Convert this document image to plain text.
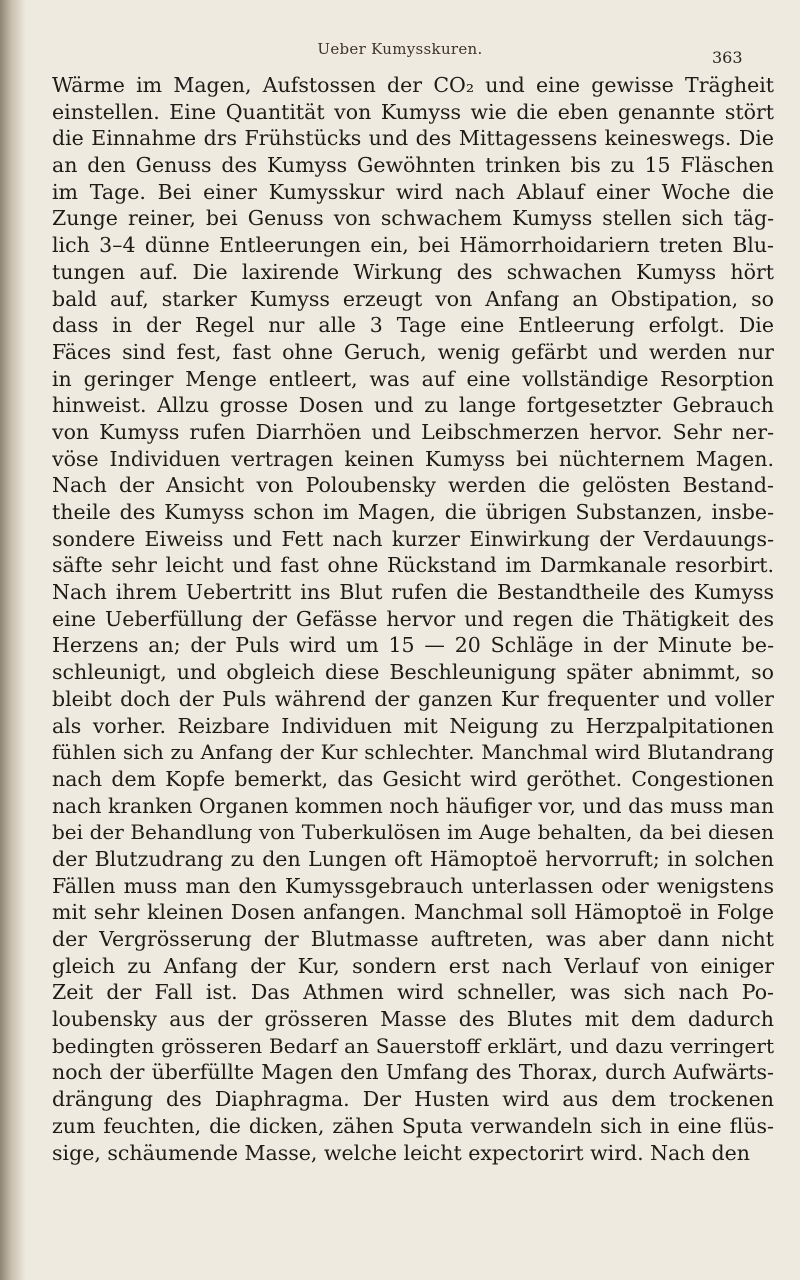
Ueber Kumysskuren.	363
Wärme im Magen, Aufstossen der CO₂ und eine gewisse Trägheit
einstellen. Eine Quantität von Kumyss wie die eben genannte stört
die Einnahme drs Frühstücks und des Mittagessens keineswegs. Die
an den Genuss des Kumyss Gewöhnten trinken bis zu 15 Fläschen
im Tage. Bei einer Kumysskur wird nach Ablauf einer Woche die
Zunge reiner, bei Genuss von schwachem Kumyss stellen sich täg-
lich 3–4 dünne Entleerungen ein, bei Hämorrhoidariern treten Blu-
tungen auf. Die laxirende Wirkung des schwachen Kumyss hört
bald auf, starker Kumyss erzeugt von Anfang an Obstipation, so
dass in der Regel nur alle 3 Tage eine Entleerung erfolgt. Die
Fäces sind fest, fast ohne Geruch, wenig gefärbt und werden nur
in geringer Menge entleert, was auf eine vollständige Resorption
hinweist. Allzu grosse Dosen und zu lange fortgesetzter Gebrauch
von Kumyss rufen Diarrhöen und Leibschmerzen hervor. Sehr ner-
vöse Individuen vertragen keinen Kumyss bei nüchternem Magen.
Nach der Ansicht von Poloubensky werden die gelösten Bestand-
theile des Kumyss schon im Magen, die übrigen Substanzen, insbe-
sondere Eiweiss und Fett nach kurzer Einwirkung der Verdauungs-
säfte sehr leicht und fast ohne Rückstand im Darmkanale resorbirt.
Nach ihrem Uebertritt ins Blut rufen die Bestandtheile des Kumyss
eine Ueberfüllung der Gefässe hervor und regen die Thätigkeit des
Herzens an; der Puls wird um 15 — 20 Schläge in der Minute be-
schleunigt, und obgleich diese Beschleunigung später abnimmt, so
bleibt doch der Puls während der ganzen Kur frequenter und voller
als vorher. Reizbare Individuen mit Neigung zu Herzpalpitationen
fühlen sich zu Anfang der Kur schlechter. Manchmal wird Blutandrang
nach dem Kopfe bemerkt, das Gesicht wird geröthet. Congestionen
nach kranken Organen kommen noch häufiger vor, und das muss man
bei der Behandlung von Tuberkulösen im Auge behalten, da bei diesen
der Blutzudrang zu den Lungen oft Hämoptoë hervorruft; in solchen
Fällen muss man den Kumyssgebrauch unterlassen oder wenigstens
mit sehr kleinen Dosen anfangen. Manchmal soll Hämoptoë in Folge
der Vergrösserung der Blutmasse auftreten, was aber dann nicht
gleich zu Anfang der Kur, sondern erst nach Verlauf von einiger
Zeit der Fall ist. Das Athmen wird schneller, was sich nach Po-
loubensky aus der grösseren Masse des Blutes mit dem dadurch
bedingten grösseren Bedarf an Sauerstoff erklärt, und dazu verringert
noch der überfüllte Magen den Umfang des Thorax, durch Aufwärts-
drängung des Diaphragma. Der Husten wird aus dem trockenen
zum feuchten, die dicken, zähen Sputa verwandeln sich in eine flüs-
sige, schäumende Masse, welche leicht expectorirt wird. Nach den
